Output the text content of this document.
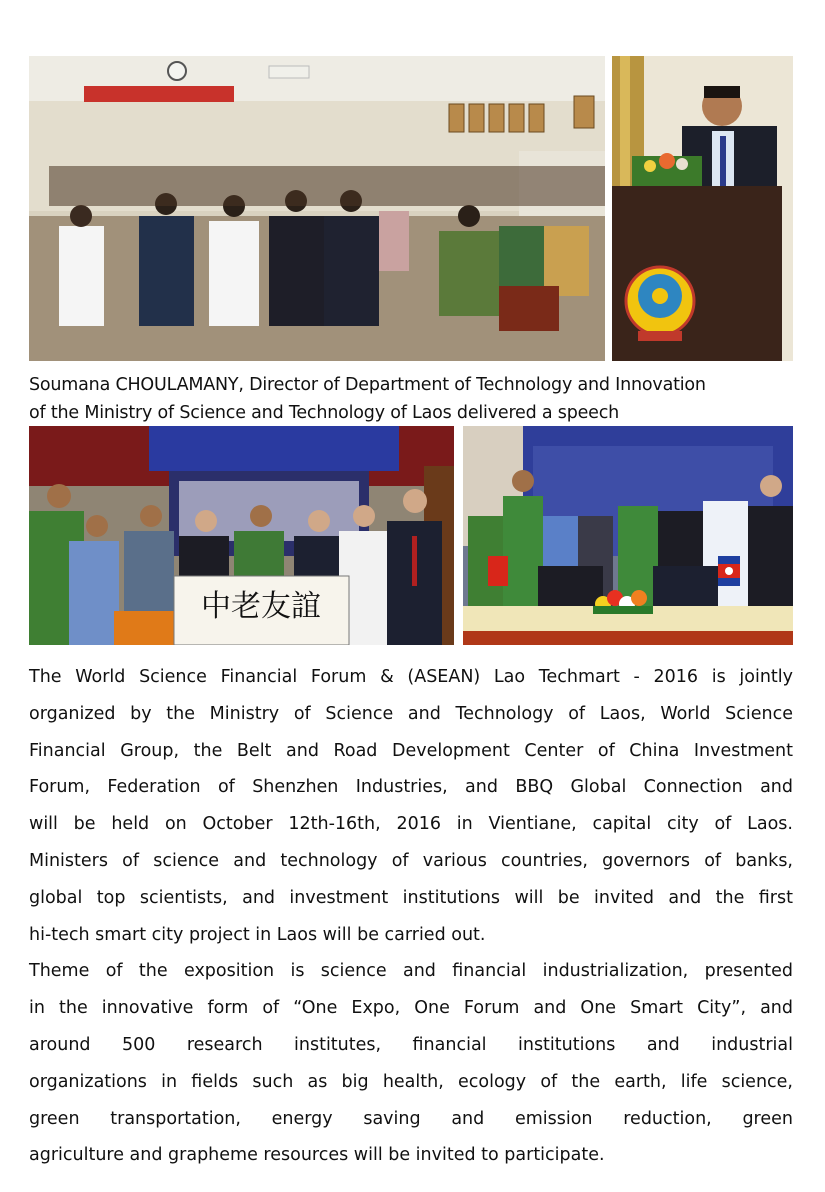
中老友誼

Soumana CHOULAMANY, Director of Department of Technology and Innovation

of the Ministry of Science and Technology of Laos delivered a speech

The World Science Financial Forum & (ASEAN) Lao Techmart - 2016 is jointly

organized by the Ministry of Science and Technology of Laos, World Science

Financial Group, the Belt and Road Development Center of China Investment

Forum, Federation of Shenzhen Industries, and BBQ Global Connection and

will be held on October 12th-16th, 2016 in Vientiane, capital city of Laos.

Ministers of science and technology of various countries, governors of banks,

global top scientists, and investment institutions will be invited and the first

hi-tech smart city project in Laos will be carried out.

Theme of the exposition is science and financial industrialization, presented

in the innovative form of “One Expo, One Forum and One Smart City”, and

around 500 research institutes, financial institutions and industrial

organizations in fields such as big health, ecology of the earth, life science,

green transportation, energy saving and emission reduction, green

agriculture and grapheme resources will be invited to participate.
